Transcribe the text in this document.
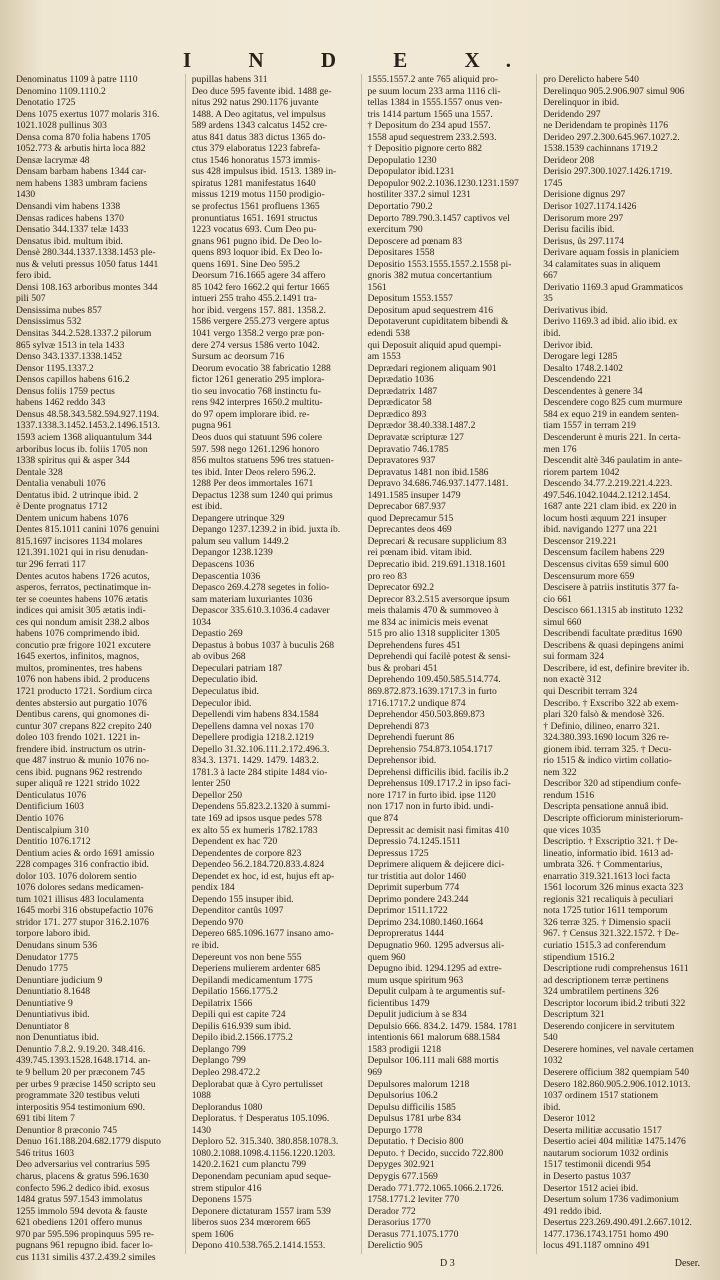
I N D E X.

Denominatus 1109 à patre 1110

Denomino 1109.1110.2

Denotatio 1725

Dens 1075 exertus 1077 molaris 316.

1021.1028 pullinus 303

Densa coma 870 folia habens 1705

1052.773 & arbutis hirta loca 882

Densæ lacrymæ 48

Densam barbam habens 1344 car-

nem habens 1383 umbram faciens

1430

Densandi vim habens 1338

Densas radices habens 1370

Densatio 344.1337 telæ 1433

Densatus ibid. multum ibid.

Densè 280.344.1337.1338.1453 ple-

nus & veluti pressus 1050 fatus 1441

fero ibid.

Densi 108.163 arboribus montes 344

pili 507

Densissima nubes 857

Densissimus 532

Densitas 344.2.528.1337.2 pilorum

865 sylvæ 1513 in tela 1433

Denso 343.1337.1338.1452

Densor 1195.1337.2

Densos capillos habens 616.2

Densus foliis 1759 pectus

habens 1462 reddo 343

Densus 48.58.343.582.594.927.1194.

1337.1338.3.1452.1453.2.1496.1513.

1593 aciem 1368 aliquantulum 344

arboribus locus ib. foliis 1705 non

1338 spiritus qui & asper 344

Dentale 328

Dentalia venabuli 1076

Dentatus ibid. 2 utrinque ibid. 2

è Dente prognatus 1712

Dentem unicum habens 1076

Dentes 815.1011 canini 1076 genuini

815.1697 incisores 1134 molares

121.391.1021 qui in risu denudan-

tur 296 ferrati 117

Dentes acutos habens 1726 acutos,

asperos, ferratos, pectinatimque in-

ter se coeuntes habens 1076 ætatis

indices qui amisit 305 ætatis indi-

ces qui nondum amisit 238.2 albos

habens 1076 comprimendo ibid.

concutio præ frigore 1021 excutere

1645 exertos, infinitos, magnos,

multos, prominentes, tres habens

1076 non habens ibid. 2 producens

1721 producto 1721. Sordium circa

dentes abstersio aut purgatio 1076

Dentibus carens, qui gnomones di-

cuntur 307 crepans 822 crepito 240

doleo 103 frendo 1021. 1221 in-

frendere ibid. instructum os utrin-

que 487 instruo & munio 1076 no-

cens ibid. pugnans 962 restrendo

super aliquâ re 1221 strido 1022

Denticulatus 1076

Dentificium 1603

Dentio 1076

Dentiscalpium 310

Dentitio 1076.1712

Dentium acies & ordo 1691 amissio

228 compages 316 confractio ibid.

dolor 103. 1076 dolorem sentio

1076 dolores sedans medicamen-

tum 1021 illisus 483 loculamenta

1645 morbi 316 obstupefactio 1076

stridor 171. 277 stupor 316.2.1076

torpore laboro ibid.

Denudans sinum 536

Denudator 1775

Denudo 1775

Denuntiare judicium 9

Denuntiatio 8.1648

Denuntiative 9

Denuntiativus ibid.

Denuntiator 8

non Denuntiatus ibid.

Denuntio 7.8.2. 9.19.20. 348.416.

439.745.1393.1528.1648.1714. an-

te 9 bellum 20 per præconem 745

per urbes 9 præcise 1450 scripto seu

programmate 320 testibus veluti

interpositis 954 testimonium 690.

691 tibi litem 7

Denuntior 8 præconio 745

Denuo 161.188.204.682.1779 disputo

546 tritus 1603

Deo adversarius vel contrarius 595

charus, placens & gratus 596.1630

confecto 596.2 dedico ibid. exosus

1484 gratus 597.1543 immolatus

1255 immolo 594 devota & fauste

621 obediens 1201 offero munus

970 par 595.596 propinquus 595 re-

pugnans 961 repugno ibid. facer lo-

cus 1131 similis 437.2.439.2 similes

pupillas habens 311

Deo duce 595 favente ibid. 1488 ge-

nitus 292 natus 290.1176 juvante

1488. A Deo agitatus, vel impulsus

589 ardens 1343 calcatus 1452 cre-

atus 841 datus 383 dictus 1365 do-

ctus 379 elaboratus 1223 fabrefa-

ctus 1546 honoratus 1573 immis-

sus 428 impulsus ibid. 1513. 1389 in-

spiratus 1281 manifestatus 1640

missus 1219 motus 1150 prodigio-

se profectus 1561 profluens 1365

pronuntiatus 1651. 1691 structus

1223 vocatus 693. Cum Deo pu-

gnans 961 pugno ibid. De Deo lo-

quens 893 loquor ibid. Ex Deo lo-

quens 1691. Sine Deo 595.2

Deorsum 716.1665 agere 34 affero

85 1042 fero 1662.2 qui fertur 1665

intueri 255 traho 455.2.1491 tra-

hor ibid. vergens 157. 881. 1358.2.

1586 vergere 255.273 vergere aptus

1041 vergo 1358.2 vergo præ pon-

dere 274 versus 1586 verto 1042.

Sursum ac deorsum 716

Deorum evocatio 38 fabricatio 1288

fictor 1261 generatio 295 implora-

tio seu invocatio 768 instinctu fu-

rens 942 interpres 1650.2 multitu-

do 97 opem implorare ibid. re-

pugna 961

Deos duos qui statuunt 596 colere

597. 598 nego 1261.1296 honoro

856 multos statuens 596 tres statuen-

tes ibid. Inter Deos relero 596.2.

1288 Per deos immortales 1671

Depactus 1238 sum 1240 qui primus

est ibid.

Depangere utrinque 329

Depango 1237.1239.2 in ibid. juxta ib.

palum seu vallum 1449.2

Depangor 1238.1239

Depascens 1036

Depascentia 1036

Depasco 269.4.278 segetes in folio-

sam materiam luxuriantes 1036

Depascor 335.610.3.1036.4 cadaver

1034

Depastio 269

Depastus à bobus 1037 à buculis 268

ab ovibus 268

Depeculari patriam 187

Depeculatio ibid.

Depeculatus ibid.

Depeculor ibid.

Depellendi vim habens 834.1584

Depellens damna vel noxas 170

Depellere prodigia 1218.2.1219

Depello 31.32.106.111.2.172.496.3.

834.3. 1371. 1429. 1479. 1483.2.

1781.3 à lacte 284 stipite 1484 vio-

lenter 250

Depellor 250

Dependens 55.823.2.1320 à summi-

tate 169 ad ipsos usque pedes 578

ex alto 55 ex humeris 1782.1783

Dependent ex hac 720

Dependentes de corpore 823

Dependeo 56.2.184.720.833.4.824

Dependet ex hoc, id est, hujus eft ap-

pendix 184

Dependo 155 insuper ibid.

Dependitor cantûs 1097

Dependo 970

Depereo 685.1096.1677 insano amo-

re ibid.

Depereunt vos non bene 555

Deperiens mulierem ardenter 685

Depilandi medicamentum 1775

Depilatio 1566.1775.2

Depilatrix 1566

Depili qui est capite 724

Depilis 616.939 sum ibid.

Depilo ibid.2.1566.1775.2

Deplango 799

Deplango 799

Depleo 298.472.2

Deplorabat quæ à Cyro pertulisset

1088

Deplorandus 1080

Deploratus. † Desperatus 105.1096.

1430

Deploro 52. 315.340. 380.858.1078.3.

1080.2.1088.1098.4.1156.1220.1203.

1420.2.1621 cum planctu 799

Deponendam pecuniam apud seque-

strem stipulor 416

Deponens 1575

Deponere dictaturam 1557 iram 539

liberos suos 234 mœrorem 665

spem 1606

Depono 410.538.765.2.1414.1553.

1555.1557.2 ante 765 aliquid pro-

pe suum locum 233 arma 1116 cli-

tellas 1384 in 1555.1557 onus ven-

tris 1414 partum 1565 una 1557.

† Depositum do 234 apud 1557.

1558 apud sequestrem 233.2.593.

† Depositio pignore certo 882

Depopulatio 1230

Depopulator ibid.1231

Depopulor 902.2.1036.1230.1231.1597

hostiliter 337.2 simul 1231

Deportatio 790.2

Deporto 789.790.3.1457 captivos vel

exercitum 790

Deposcere ad pœnam 83

Depositares 1558

Depositio 1553.1555.1557.2.1558 pi-

gnoris 382 mutua concertantium

1561

Depositum 1553.1557

Depositum apud sequestrem 416

Depotaverunt cupiditatem bibendi &

edendi 538

qui Deposuit aliquid apud quempi-

am 1553

Deprædari regionem aliquam 901

Deprædatio 1036

Deprædatrix 1487

Deprædicator 58

Deprædico 893

Deprædor 38.40.338.1487.2

Depravatæ scripturæ 127

Depravatio 746.1785

Depravatores 937

Depravatus 1481 non ibid.1586

Depravo 34.686.746.937.1477.1481.

1491.1585 insuper 1479

Deprecabor 687.937

quod Deprecamur 515

Deprecantes deos 469

Deprecari & recusare supplicium 83

rei pœnam ibid. vitam ibid.

Deprecatio ibid. 219.691.1318.1601

pro reo 83

Deprecator 692.2

Deprecor 83.2.515 aversorque ipsum

meis thalamis 470 & summoveo à

me 834 ac inimicis meis evenat

515 pro alio 1318 suppliciter 1305

Deprehendens fures 451

Deprehendi qui facilè potest & sensi-

bus & probari 451

Deprehendo 109.450.585.514.774.

869.872.873.1639.1717.3 in furto

1716.1717.2 undique 874

Deprehendor 450.503.869.873

Deprehendi 873

Deprehendi fuerunt 86

Deprehensio 754.873.1054.1717

Deprehensor ibid.

Deprehensi difficilis ibid. facilis ib.2

Deprehensus 109.1717.2 in ipso faci-

nore 1717 in furto ibid. ipse 1120

non 1717 non in furto ibid. undi-

que 874

Depressit ac demisit nasi fimitas 410

Depressio 74.1245.1511

Depressus 1725

Deprimere aliquem & dejicere dici-

tur tristitia aut dolor 1460

Deprimit superbum 774

Deprimo pondere 243.244

Deprimor 1511.1722

Deprimo 234.1080.1460.1664

Depropreratus 1444

Depugnatio 960. 1295 adversus ali-

quem 960

Depugno ibid. 1294.1295 ad extre-

mum usque spiritum 963

Depulit culpam à te argumentis suf-

ficientibus 1479

Depulit judicium à se 834

Depulsio 666. 834.2. 1479. 1584. 1781

intentionis 661 malorum 688.1584

1583 prodigii 1218

Depulsor 106.111 mali 688 mortis

969

Depulsores malorum 1218

Depulsorius 106.2

Depulsu difficilis 1585

Depulsus 1781 urbe 834

Depurgo 1778

Deputatio. † Decisio 800

Deputo. † Decido, succido 722.800

Depyges 302.921

Depygis 677.1569

Derado 771.772.1065.1066.2.1726.

1758.1771.2 leviter 770

Derador 772

Derasorius 1770

Derasus 771.1075.1770

Derelictio 905

pro Derelicto habere 540

Derelinquo 905.2.906.907 simul 906

Derelinquor in ibid.

Deridendo 297

ne Deridendam te propinès 1176

Derideo 297.2.300.645.967.1027.2.

1538.1539 cachinnans 1719.2

Derideor 208

Derisio 297.300.1027.1426.1719.

1745

Derisione dignus 297

Derisor 1027.1174.1426

Derisorum more 297

Derisu facilis ibid.

Derisus, ûs 297.1174

Derivare aquam fossis in planiciem

34 calamitates suas in aliquem

667

Derivatio 1169.3 apud Grammaticos

35

Derivativus ibid.

Derivo 1169.3 ad ibid. alio ibid. ex

ibid.

Derivor ibid.

Derogare legi 1285

Desalto 1748.2.1402

Descendendo 221

Descendentes à genere 34

Descendere cogo 825 cum murmure

584 ex equo 219 in eandem senten-

tiam 1557 in terram 219

Descenderunt è muris 221. In certa-

men 176

Descendit altè 346 paulatim in ante-

riorem partem 1042

Descendo 34.77.2.219.221.4.223.

497.546.1042.1044.2.1212.1454.

1687 ante 221 clam ibid. ex 220 in

locum hosti æquum 221 insuper

ibid. navigando 1277 una 221

Descensor 219.221

Descensum facilem habens 229

Descensus civitas 659 simul 600

Descensurum more 659

Descisere à patriis institutis 377 fa-

cio 661

Descisco 661.1315 ab instituto 1232

simul 660

Describendi facultate præditus 1690

Describens & quasi depingens animi

sui formam 324

Describere, id est, definire breviter ib.

non exactè 312

qui Describit terram 324

Describo. † Exscribo 322 ab exem-

plari 320 falsò & mendosè 326.

† Definio, dilineo, enarro 321.

324.380.393.1690 locum 326 re-

gionem ibid. terram 325. † Decu-

rio 1515 & indico virtim collatio-

nem 322

Describor 320 ad stipendium confe-

rendum 1516

Descripta pensatione annuâ ibid.

Descripte officiorum ministeriorum-

que vices 1035

Descriptio. † Exscriptio 321. † De-

lineatio, informatio ibid. 1613 ad-

umbrata 326. † Commentarius,

enarratio 319.321.1613 loci facta

1561 locorum 326 minus exacta 323

regionis 321 recaliquis à peculiari

nota 1725 tutior 1611 temporum

326 terræ 325. † Dimensio spacii

967. † Census 321.322.1572. † De-

curiatio 1515.3 ad conferendum

stipendium 1516.2

Descriptione rudi comprehensus 1611

ad descriptionem terræ pertinens

324 umbratilem pertinens 326

Descriptor locorum ibid.2 tributi 322

Descriptum 321

Deserendo conjicere in servitutem

540

Deserere homines, vel navale certamen

1032

Deserere officium 382 quempiam 540

Desero 182.860.905.2.906.1012.1013.

1037 ordinem 1517 stationem

ibid.

Deseror 1012

Deserta militiæ accusatio 1517

Desertio aciei 404 militiæ 1475.1476

nautarum sociorum 1032 ordinis

1517 testimonii dicendi 954

in Deserto pastus 1037

Desertor 1512 aciei ibid.

Desertum solum 1736 vadimonium

491 reddo ibid.

Desertus 223.269.490.491.2.667.1012.

1477.1736.1743.1751 homo 490

locus 491.1187 omnino 491

D 3	Deser.
